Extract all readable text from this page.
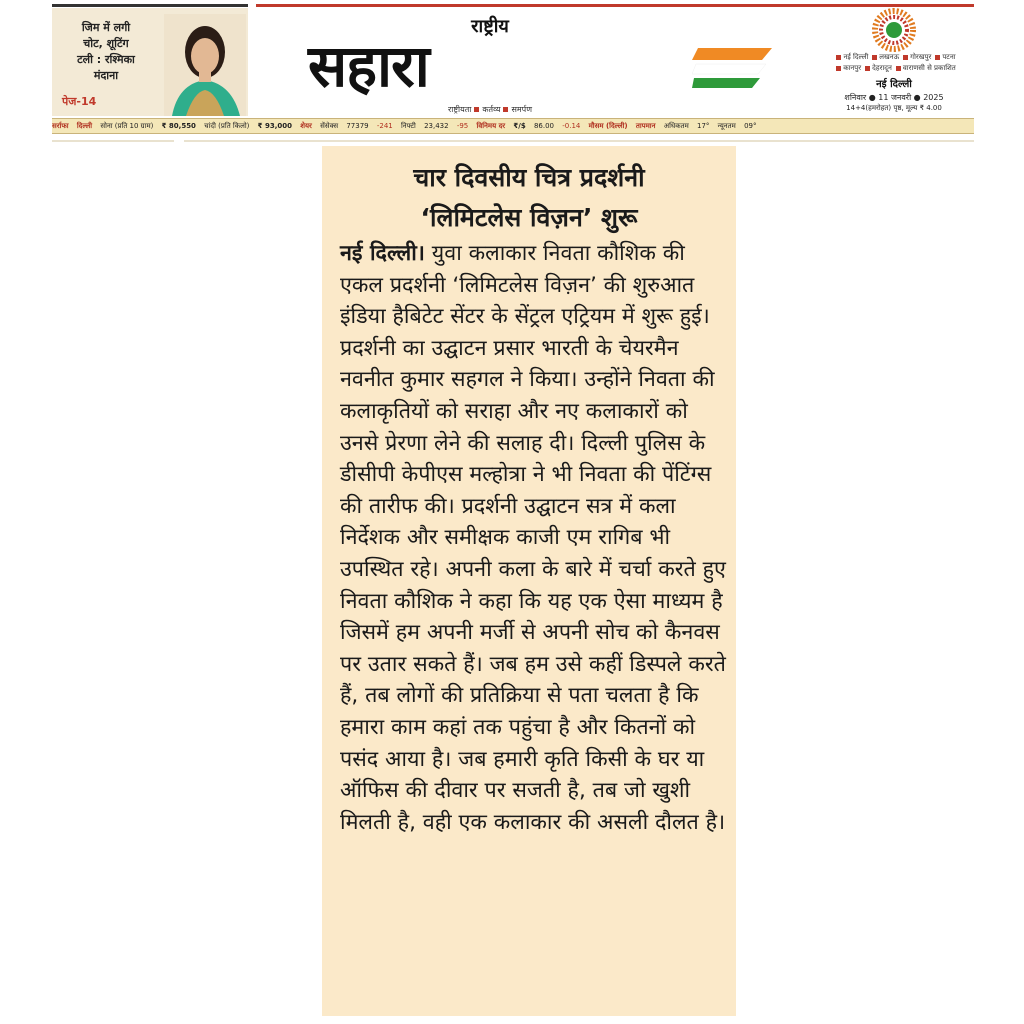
जिम में लगी
चोट, शूटिंग
टली : रश्मिका
मंदाना
पेज-14
राष्ट्रीय
सहारा
राष्ट्रीयता कर्तव्य समर्पण
नई दिल्ली लखनऊ गोरखपुर पटना
कानपुर देहरादून वाराणसी से प्रकाशित
नई दिल्ली
शनिवार ● 11 जनवरी ● 2025
14+4(हमरोहत) पृष्ठ, मूल्य ₹ 4.00
सर्राफा दिल्ली सोना (प्रति 10 ग्राम) ₹ 80,550 चांदी (प्रति किलो) ₹ 93,000 शेयर सेंसेक्स 77379 -241 निफ्टी 23,432 -95 विनिमय दर ₹/$ 86.00 -0.14 मौसम (दिल्ली) तापमान अधिकतम 17° न्यूनतम 09°
चार दिवसीय चित्र प्रदर्शनी
‘लिमिटलेस विज़न’ शुरू
नई दिल्ली। युवा कलाकार निवता कौशिक की एकल प्रदर्शनी ‘लिमिटलेस विज़न’ की शुरुआत इंडिया हैबिटेट सेंटर के सेंट्रल एट्रियम में शुरू हुई। प्रदर्शनी का उद्घाटन प्रसार भारती के चेयरमैन नवनीत कुमार सहगल ने किया। उन्होंने निवता की कलाकृतियों को सराहा और नए कलाकारों को उनसे प्रेरणा लेने की सलाह दी। दिल्ली पुलिस के डीसीपी केपीएस मल्होत्रा ने भी निवता की पेंटिंग्स की तारीफ की। प्रदर्शनी उद्घाटन सत्र में कला निर्देशक और समीक्षक काजी एम रागिब भी उपस्थित रहे। अपनी कला के बारे में चर्चा करते हुए निवता कौशिक ने कहा कि यह एक ऐसा माध्यम है जिसमें हम अपनी मर्जी से अपनी सोच को कैनवस पर उतार सकते हैं। जब हम उसे कहीं डिस्पले करते हैं, तब लोगों की प्रतिक्रिया से पता चलता है कि हमारा काम कहां तक पहुंचा है और कितनों को पसंद आया है। जब हमारी कृति किसी के घर या ऑफिस की दीवार पर सजती है, तब जो खुशी मिलती है, वही एक कलाकार की असली दौलत है।
